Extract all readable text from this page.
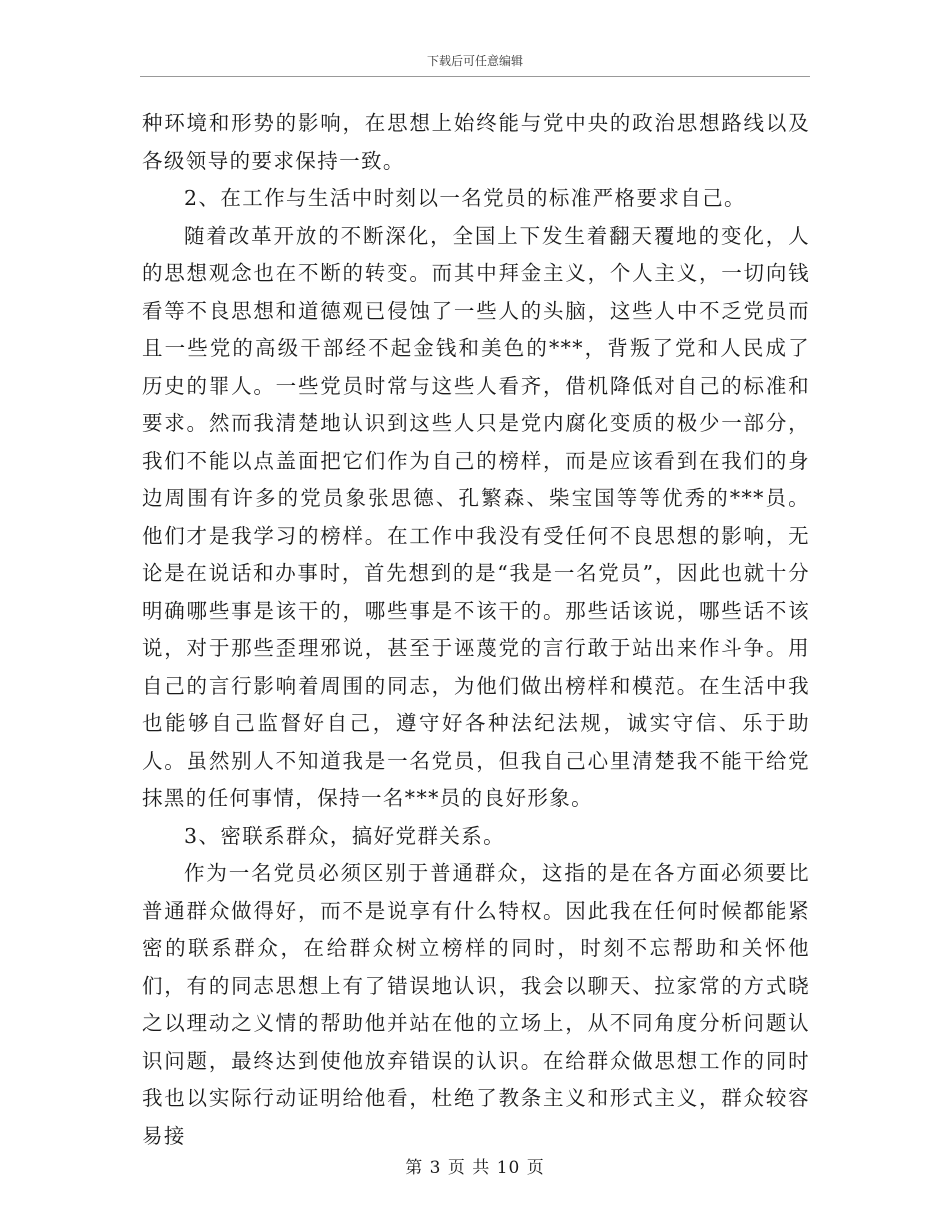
下载后可任意编辑

种环境和形势的影响，在思想上始终能与党中央的政治思想路线以及各级领导的要求保持一致。

2、在工作与生活中时刻以一名党员的标准严格要求自己。

随着改革开放的不断深化，全国上下发生着翻天覆地的变化，人的思想观念也在不断的转变。而其中拜金主义，个人主义，一切向钱看等不良思想和道德观已侵蚀了一些人的头脑，这些人中不乏党员而且一些党的高级干部经不起金钱和美色的***，背叛了党和人民成了历史的罪人。一些党员时常与这些人看齐，借机降低对自己的标准和要求。然而我清楚地认识到这些人只是党内腐化变质的极少一部分，我们不能以点盖面把它们作为自己的榜样，而是应该看到在我们的身边周围有许多的党员象张思德、孔繁森、柴宝国等等优秀的***员。他们才是我学习的榜样。在工作中我没有受任何不良思想的影响，无论是在说话和办事时，首先想到的是“我是一名党员”，因此也就十分明确哪些事是该干的，哪些事是不该干的。那些话该说，哪些话不该说，对于那些歪理邪说，甚至于诬蔑党的言行敢于站出来作斗争。用自己的言行影响着周围的同志，为他们做出榜样和模范。在生活中我也能够自己监督好自己，遵守好各种法纪法规，诚实守信、乐于助人。虽然别人不知道我是一名党员，但我自己心里清楚我不能干给党抹黑的任何事情，保持一名***员的良好形象。

3、密联系群众，搞好党群关系。

作为一名党员必须区别于普通群众，这指的是在各方面必须要比普通群众做得好，而不是说享有什么特权。因此我在任何时候都能紧密的联系群众，在给群众树立榜样的同时，时刻不忘帮助和关怀他们，有的同志思想上有了错误地认识，我会以聊天、拉家常的方式晓之以理动之义情的帮助他并站在他的立场上，从不同角度分析问题认识问题，最终达到使他放弃错误的认识。在给群众做思想工作的同时我也以实际行动证明给他看，杜绝了教条主义和形式主义，群众较容易接

第 3 页 共 10 页
